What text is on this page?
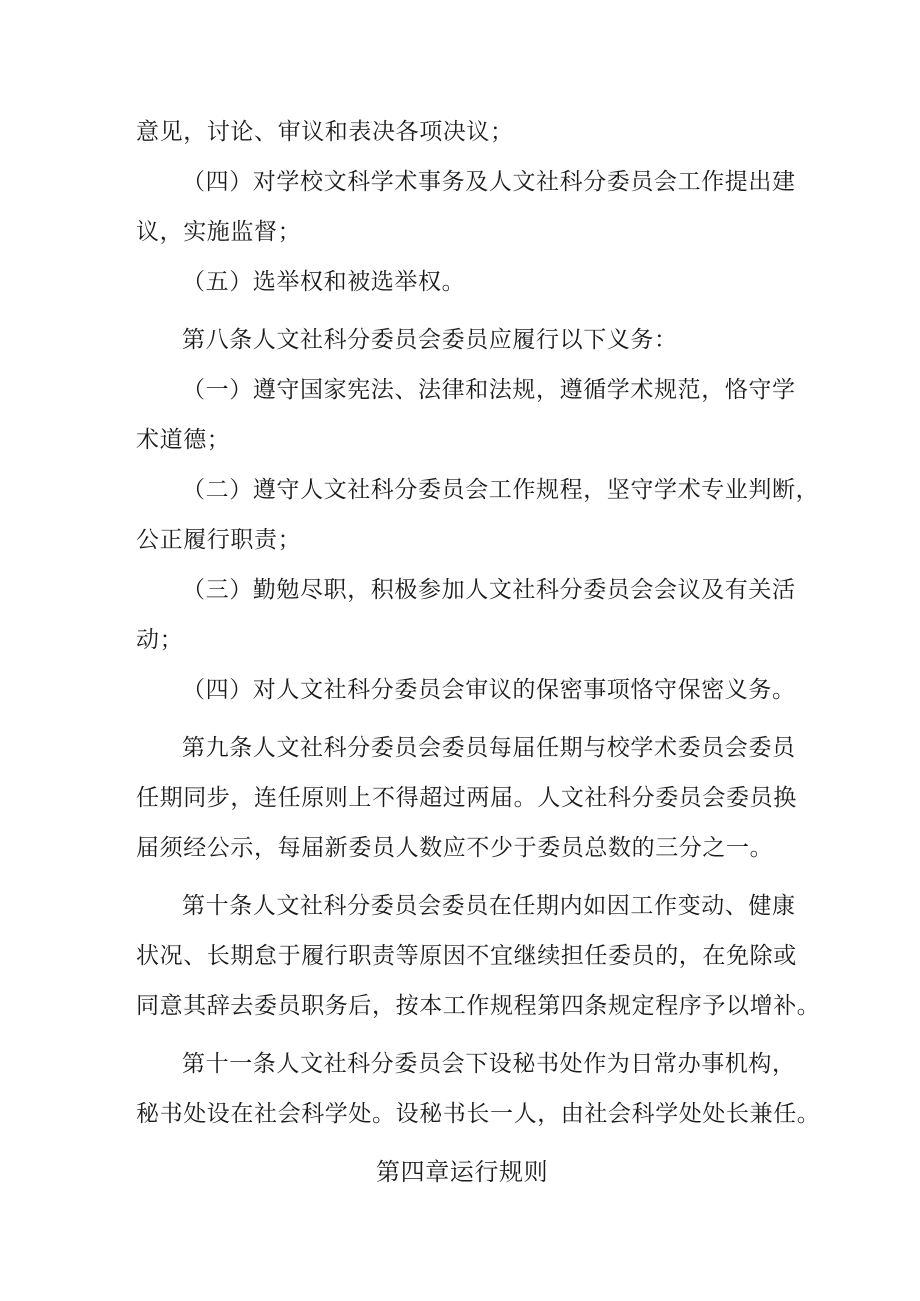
意见，讨论、审议和表决各项决议；
（四）对学校文科学术事务及人文社科分委员会工作提出建
议，实施监督；
（五）选举权和被选举权。
第八条人文社科分委员会委员应履行以下义务：
（一）遵守国家宪法、法律和法规，遵循学术规范，恪守学
术道德；
（二）遵守人文社科分委员会工作规程，坚守学术专业判断，
公正履行职责；
（三）勤勉尽职，积极参加人文社科分委员会会议及有关活
动；
（四）对人文社科分委员会审议的保密事项恪守保密义务。
第九条人文社科分委员会委员每届任期与校学术委员会委员
任期同步，连任原则上不得超过两届。人文社科分委员会委员换
届须经公示，每届新委员人数应不少于委员总数的三分之一。
第十条人文社科分委员会委员在任期内如因工作变动、健康
状况、长期怠于履行职责等原因不宜继续担任委员的，在免除或
同意其辞去委员职务后，按本工作规程第四条规定程序予以增补。
第十一条人文社科分委员会下设秘书处作为日常办事机构，
秘书处设在社会科学处。设秘书长一人，由社会科学处处长兼任。
第四章运行规则
